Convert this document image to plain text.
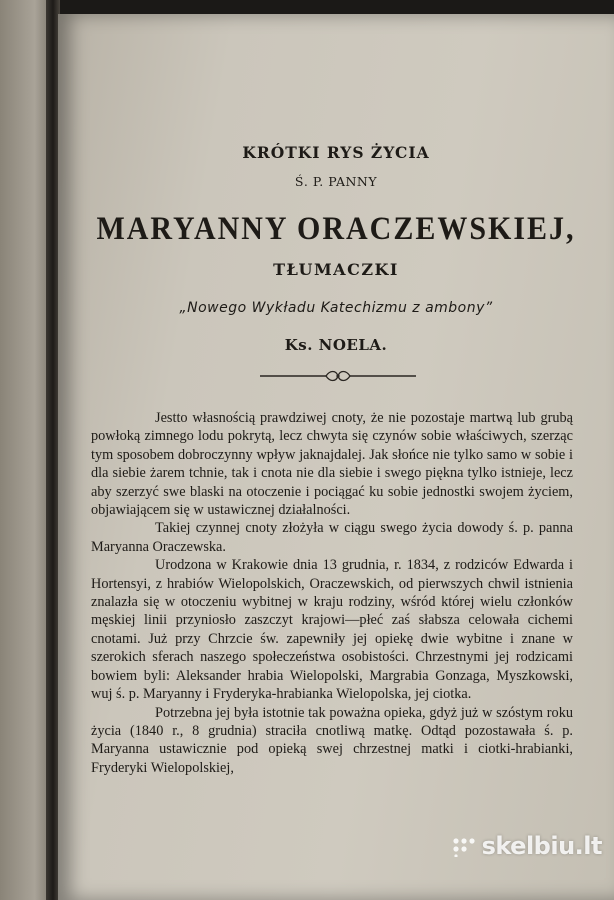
KRÓTKI RYS ŻYCIA
Ś. P. PANNY
MARYANNY ORACZEWSKIEJ,
TŁUMACZKI
„Nowego Wykładu Katechizmu z ambony”
Ks. NOELA.

Jestto własnością prawdziwej cnoty, że nie pozostaje martwą lub grubą powłoką zimnego lodu pokrytą, lecz chwyta się czynów sobie właściwych, szerząc tym sposobem dobroczynny wpływ jaknajdalej. Jak słońce nie tylko samo w sobie i dla siebie żarem tchnie, tak i cnota nie dla siebie i swego piękna tylko istnieje, lecz aby szerzyć swe blaski na otoczenie i pociągać ku sobie jednostki swojem życiem, objawiającem się w ustawicznej działalności.

Takiej czynnej cnoty złożyła w ciągu swego życia dowody ś. p. panna Maryanna Oraczewska.

Urodzona w Krakowie dnia 13 grudnia, r. 1834, z rodziców Edwarda i Hortensyi, z hrabiów Wielopolskich, Oraczewskich, od pierwszych chwil istnienia znalazła się w otoczeniu wybitnej w kraju rodziny, wśród której wielu członków męskiej linii przyniosło zaszczyt krajowi—płeć zaś słabsza celowała cichemi cnotami. Już przy Chrzcie św. zapewniły jej opiekę dwie wybitne i znane w szerokich sferach naszego społeczeństwa osobistości. Chrzestnymi jej rodzicami bowiem byli: Aleksander hrabia Wielopolski, Margrabia Gonzaga, Myszkowski, wuj ś. p. Maryanny i Fryderyka-hrabianka Wielopolska, jej ciotka.

Potrzebna jej była istotnie tak poważna opieka, gdyż już w szóstym roku życia (1840 r., 8 grudnia) straciła cnotliwą matkę. Odtąd pozostawała ś. p. Maryanna ustawicznie pod opieką swej chrzestnej matki i ciotki-hrabianki, Fryderyki Wielopolskiej,

skelbiu.lt
